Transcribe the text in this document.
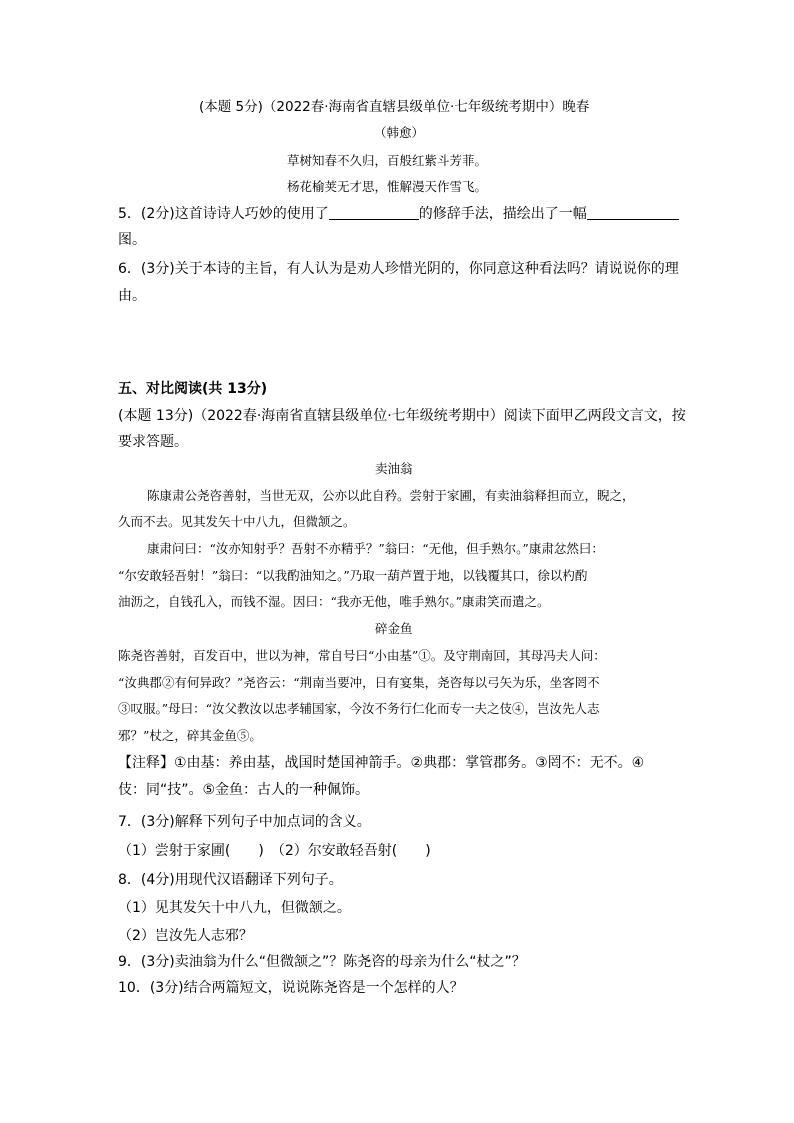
(本题 5分)（2022春·海南省直辖县级单位·七年级统考期中）晚春
（韩愈）
草树知春不久归，百般红紫斗芳菲。
杨花榆荚无才思，惟解漫天作雪飞。
5．(2分)这首诗诗人巧妙的使用了	的修辞手法，描绘出了一幅
图。
6．(3分)关于本诗的主旨，有人认为是劝人珍惜光阴的，你同意这种看法吗？请说说你的理
由。
五、对比阅读(共 13分)
(本题 13分)（2022春·海南省直辖县级单位·七年级统考期中）阅读下面甲乙两段文言文，按
要求答题。
卖油翁
陈康肃公尧咨善射，当世无双，公亦以此自矜。尝射于家圃，有卖油翁释担而立，睨之，
久而不去。见其发矢十中八九，但微颔之。
康肃问曰：“汝亦知射乎？吾射不亦精乎？”翁曰：“无他，但手熟尔。”康肃忿然曰：
“尔安敢轻吾射！”翁曰：“以我酌油知之。”乃取一葫芦置于地，以钱覆其口，徐以杓酌
油沥之，自钱孔入，而钱不湿。因曰：“我亦无他，唯手熟尔。”康肃笑而遣之。
碎金鱼
陈尧咨善射，百发百中，世以为神，常自号曰“小由基”①。及守荆南回，其母冯夫人问：
“汝典郡②有何异政？”尧咨云：“荆南当要冲，日有宴集，尧咨每以弓矢为乐，坐客罔不
③叹服。”母曰：“汝父教汝以忠孝辅国家，今汝不务行仁化而专一夫之伎④，岂汝先人志
邪？”杖之，碎其金鱼⑤。
【注释】①由基：养由基，战国时楚国神箭手。②典郡：掌管郡务。③罔不：无不。④
伎：同“技”。⑤金鱼：古人的一种佩饰。
7．(3分)解释下列句子中加点词的含义。
（1）尝射于家圃(　　)　（2）尔安敢轻吾射(　　)
8．(4分)用现代汉语翻译下列句子。
（1）见其发矢十中八九，但微颔之。
（2）岂汝先人志邪？
9．(3分)卖油翁为什么“但微颔之”？陈尧咨的母亲为什么“杖之”？
10．(3分)结合两篇短文，说说陈尧咨是一个怎样的人？
